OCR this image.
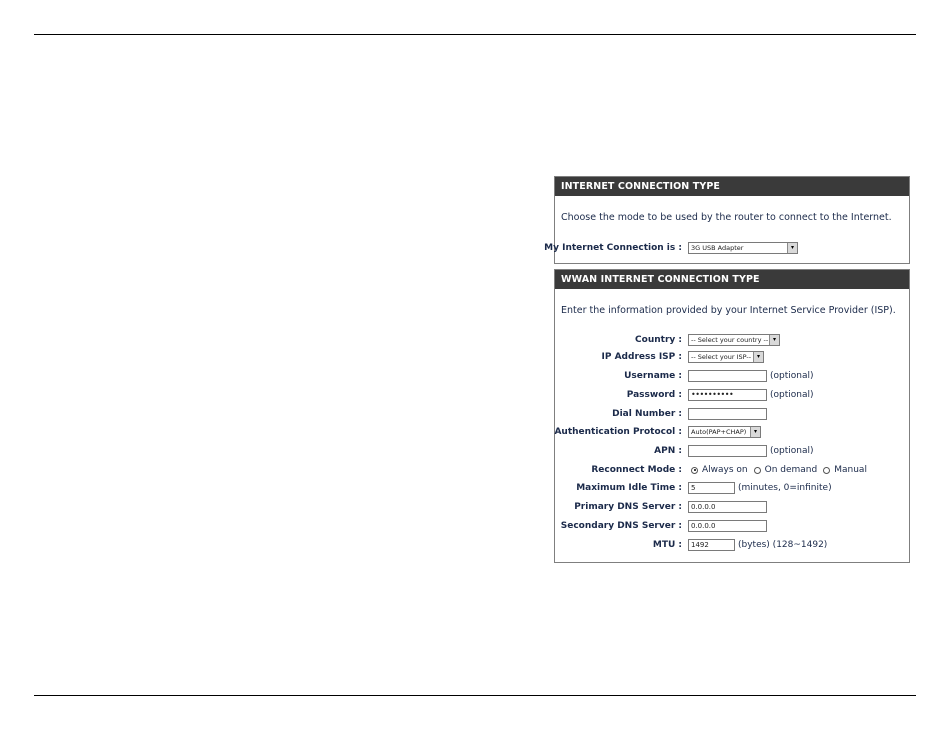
INTERNET CONNECTION TYPE
Choose the mode to be used by the router to connect to the Internet.
My Internet Connection is :	3G USB Adapter	▾
WWAN INTERNET CONNECTION TYPE
Enter the information provided by your Internet Service Provider (ISP).
Country :	-- Select your country -- ▾
IP Address ISP :	-- Select your ISP-- ▾
Username :	(optional)
Password :	••••••••••	(optional)
Dial Number :
Authentication Protocol :	Auto(PAP+CHAP)	▾
APN :	(optional)
Reconnect Mode : Always on On demand Manual
Maximum Idle Time :	5	(minutes, 0=infinite)
Primary DNS Server :	0.0.0.0
Secondary DNS Server :	0.0.0.0
MTU :	1492	(bytes) (128~1492)
